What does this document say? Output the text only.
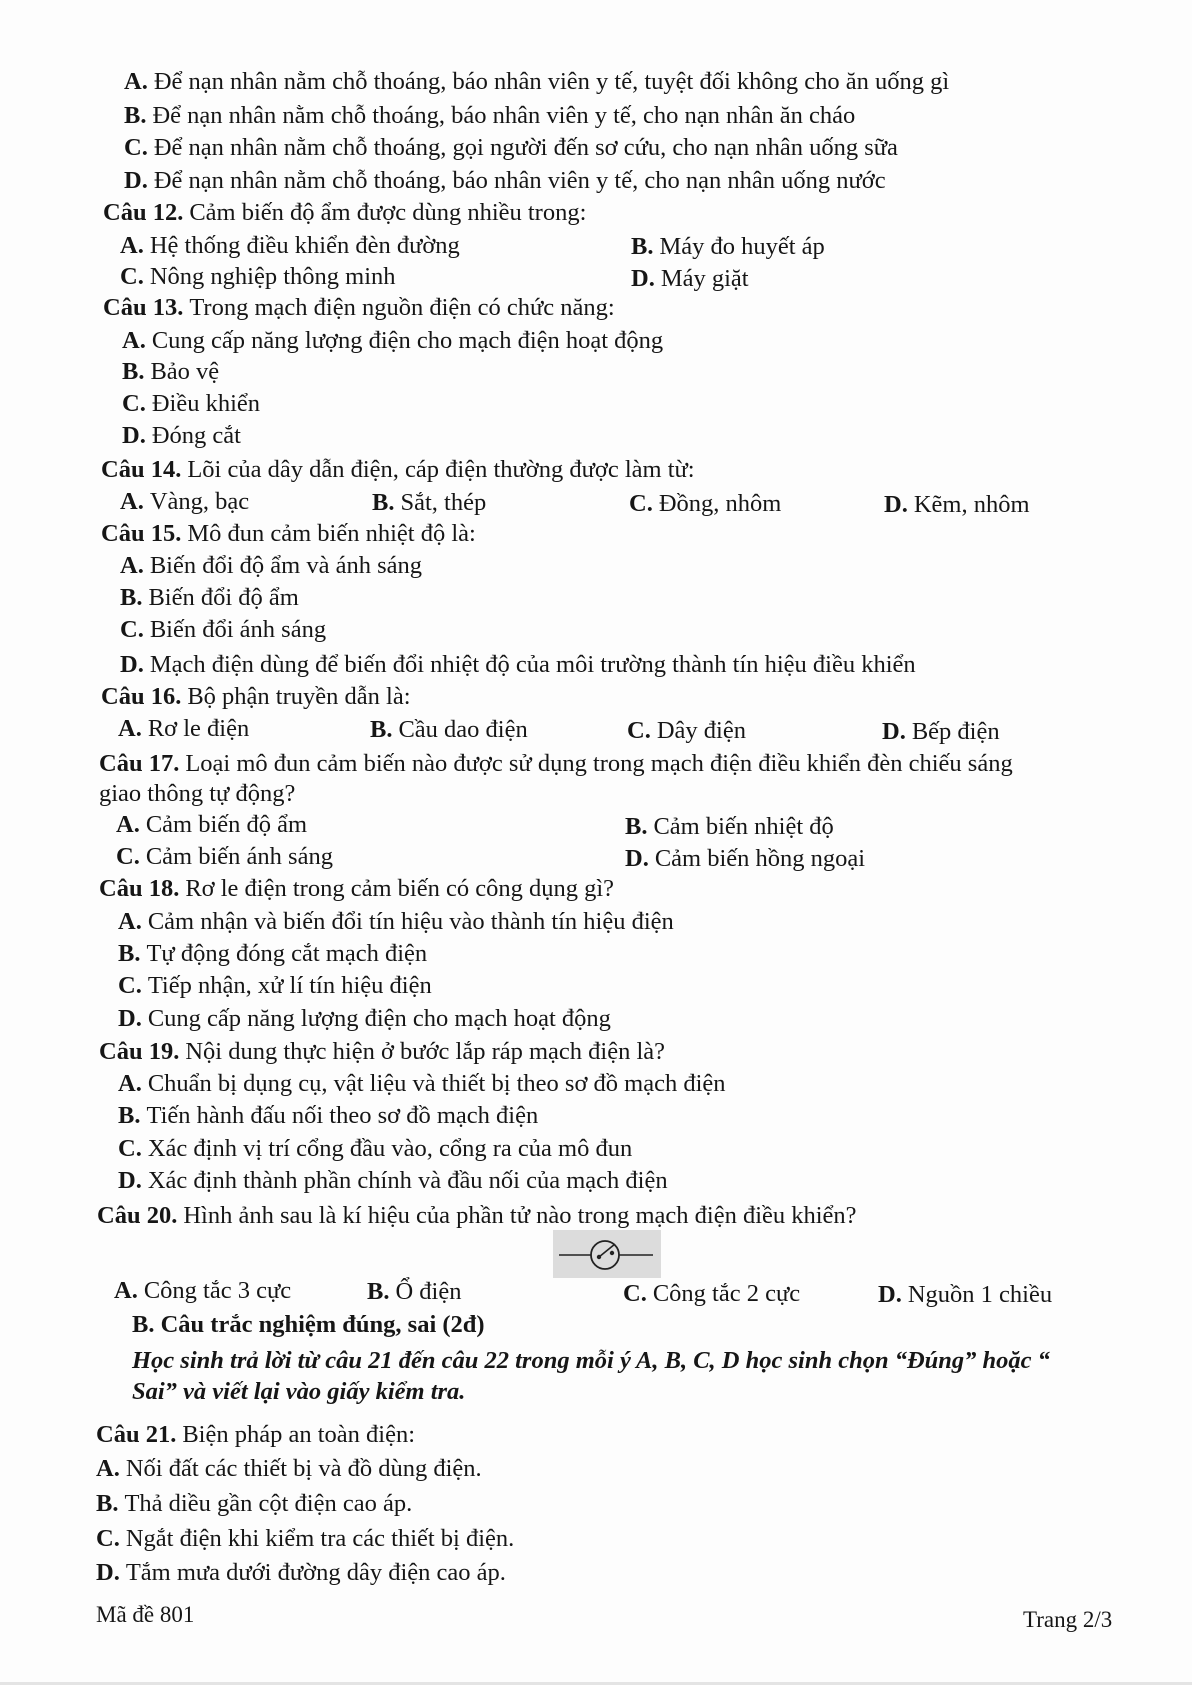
A. Để nạn nhân nằm chỗ thoáng, báo nhân viên y tế, tuyệt đối không cho ăn uống gì
B. Để nạn nhân nằm chỗ thoáng, báo nhân viên y tế, cho nạn nhân ăn cháo
C. Để nạn nhân nằm chỗ thoáng, gọi người đến sơ cứu, cho nạn nhân uống sữa
D. Để nạn nhân nằm chỗ thoáng, báo nhân viên y tế, cho nạn nhân uống nước
Câu 12. Cảm biến độ ẩm được dùng nhiều trong:
A. Hệ thống điều khiển đèn đường	B. Máy đo huyết áp
C. Nông nghiệp thông minh	D. Máy giặt
Câu 13. Trong mạch điện nguồn điện có chức năng:
A. Cung cấp năng lượng điện cho mạch điện hoạt động
B. Bảo vệ
C. Điều khiển
D. Đóng cắt
Câu 14. Lõi của dây dẫn điện, cáp điện thường được làm từ:
A. Vàng, bạc	B. Sắt, thép	C. Đồng, nhôm	D. Kẽm, nhôm
Câu 15. Mô đun cảm biến nhiệt độ là:
A. Biến đổi độ ẩm và ánh sáng
B. Biến đổi độ ẩm
C. Biến đổi ánh sáng
D. Mạch điện dùng để biến đổi nhiệt độ của môi trường thành tín hiệu điều khiển
Câu 16. Bộ phận truyền dẫn là:
A. Rơ le điện	B. Cầu dao điện	C. Dây điện	D. Bếp điện
Câu 17. Loại mô đun cảm biến nào được sử dụng trong mạch điện điều khiển đèn chiếu sáng
giao thông tự động?
A. Cảm biến độ ẩm	B. Cảm biến nhiệt độ
C. Cảm biến ánh sáng	D. Cảm biến hồng ngoại
Câu 18. Rơ le điện trong cảm biến có công dụng gì?
A. Cảm nhận và biến đổi tín hiệu vào thành tín hiệu điện
B. Tự động đóng cắt mạch điện
C. Tiếp nhận, xử lí tín hiệu điện
D. Cung cấp năng lượng điện cho mạch hoạt động
Câu 19. Nội dung thực hiện ở bước lắp ráp mạch điện là?
A. Chuẩn bị dụng cụ, vật liệu và thiết bị theo sơ đồ mạch điện
B. Tiến hành đấu nối theo sơ đồ mạch điện
C. Xác định vị trí cổng đầu vào, cổng ra của mô đun
D. Xác định thành phần chính và đầu nối của mạch điện
Câu 20. Hình ảnh sau là kí hiệu của phần tử nào trong mạch điện điều khiển?
A. Công tắc 3 cực	B. Ổ điện	C. Công tắc 2 cực	D. Nguồn 1 chiều
B. Câu trắc nghiệm đúng, sai (2đ)
Học sinh trả lời từ câu 21 đến câu 22 trong mỗi ý A, B, C, D học sinh chọn “Đúng” hoặc “
Sai” và viết lại vào giấy kiểm tra.
Câu 21. Biện pháp an toàn điện:
A. Nối đất các thiết bị và đồ dùng điện.
B. Thả diều gần cột điện cao áp.
C. Ngắt điện khi kiểm tra các thiết bị điện.
D. Tắm mưa dưới đường dây điện cao áp.
Mã đề 801	Trang 2/3
